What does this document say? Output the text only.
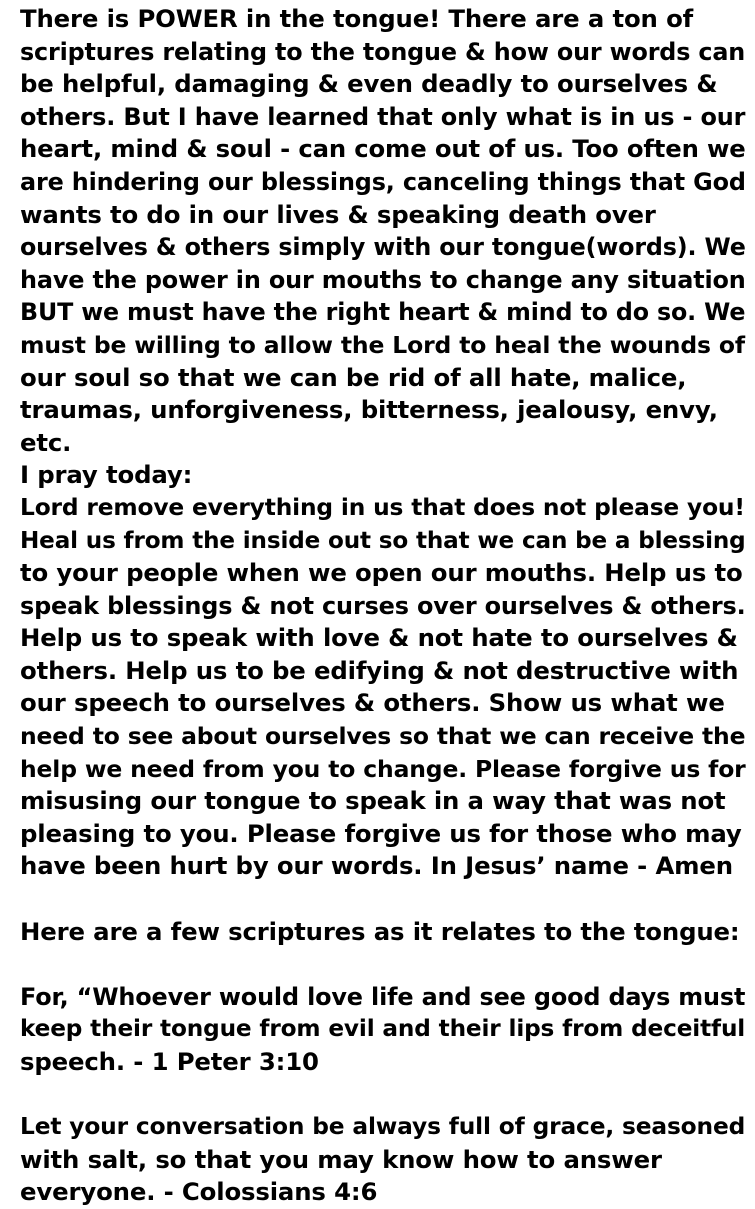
There is POWER in the tongue! There are a ton of
scriptures relating to the tongue & how our words can
be helpful, damaging & even deadly to ourselves &
others. But I have learned that only what is in us - our
heart, mind & soul - can come out of us. Too often we
are hindering our blessings, canceling things that God
wants to do in our lives & speaking death over
ourselves & others simply with our tongue(words). We
have the power in our mouths to change any situation
BUT we must have the right heart & mind to do so. We
must be willing to allow the Lord to heal the wounds of
our soul so that we can be rid of all hate, malice,
traumas, unforgiveness, bitterness, jealousy, envy,
etc.
I pray today:
Lord remove everything in us that does not please you!
Heal us from the inside out so that we can be a blessing
to your people when we open our mouths. Help us to
speak blessings & not curses over ourselves & others.
Help us to speak with love & not hate to ourselves &
others. Help us to be edifying & not destructive with
our speech to ourselves & others. Show us what we
need to see about ourselves so that we can receive the
help we need from you to change. Please forgive us for
misusing our tongue to speak in a way that was not
pleasing to you. Please forgive us for those who may
have been hurt by our words. In Jesus’ name - Amen
Here are a few scriptures as it relates to the tongue:
For, “Whoever would love life and see good days must
keep their tongue from evil and their lips from deceitful
speech. - 1 Peter 3:10
Let your conversation be always full of grace, seasoned
with salt, so that you may know how to answer
everyone. - Colossians 4:6
